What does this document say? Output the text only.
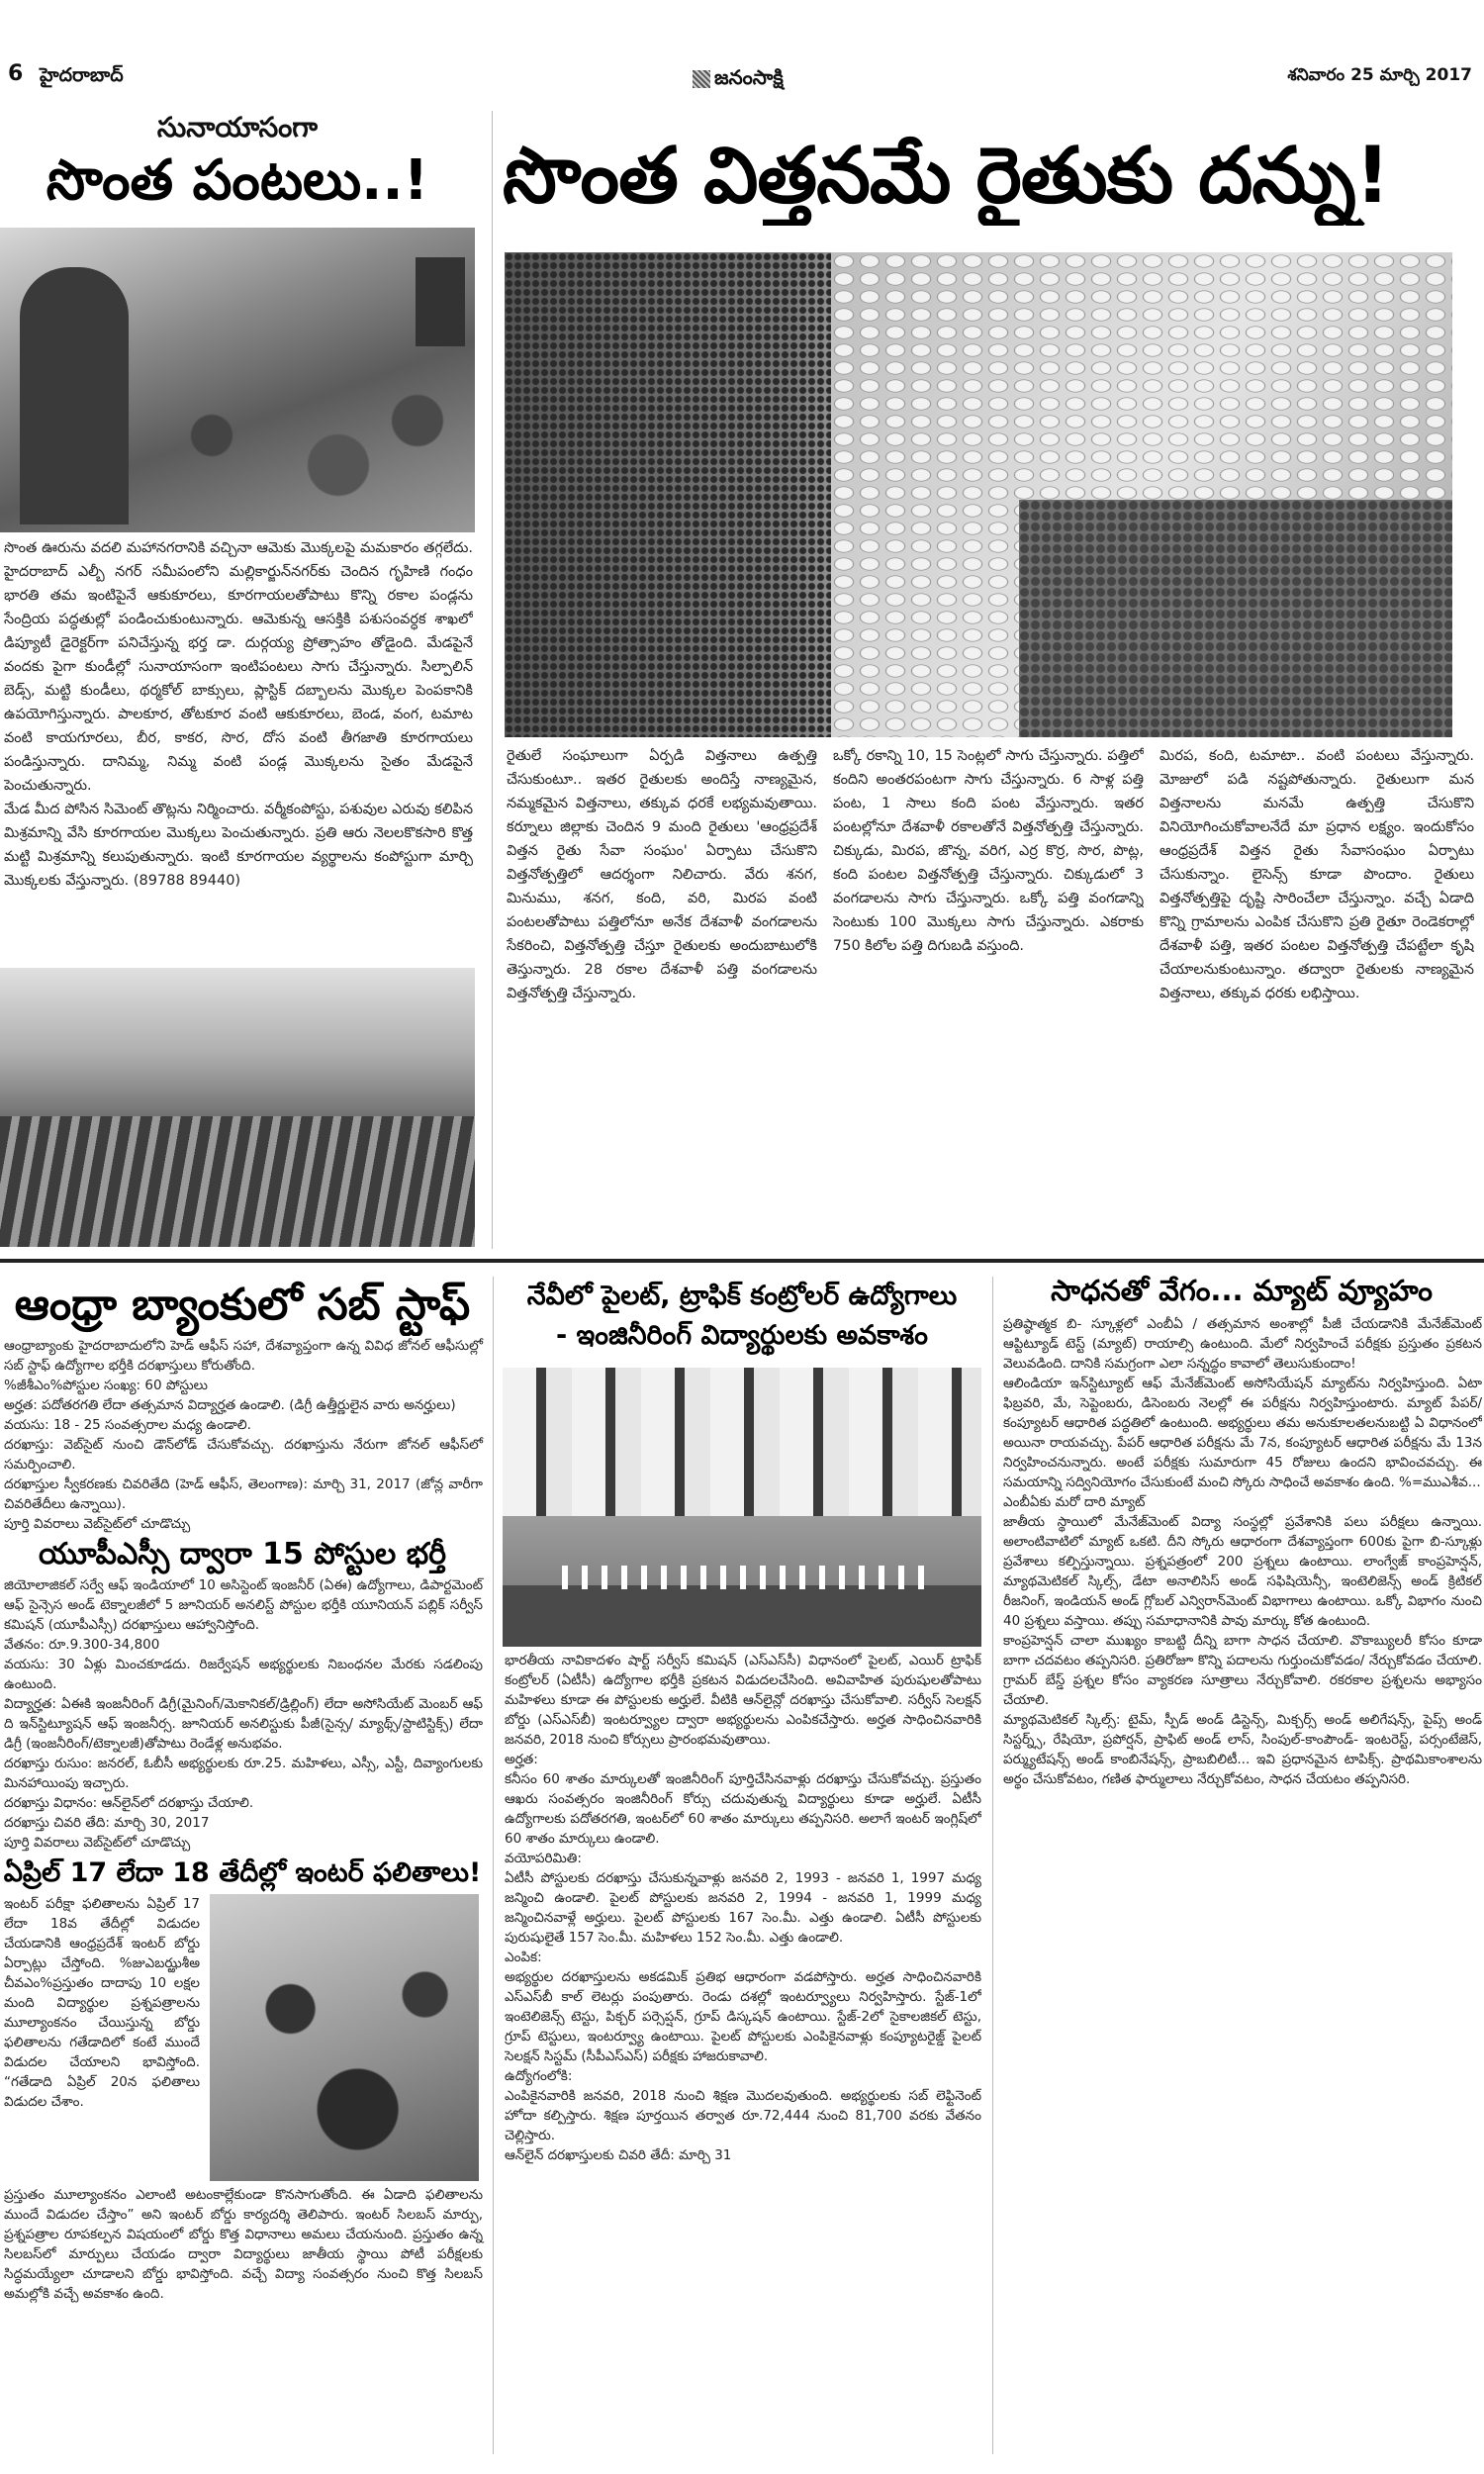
6 హైదరాబాద్	జనంసాక్షి	శనివారం 25 మార్చి 2017
సునాయాసంగా
సొంత పంటలు..!

సొంత ఊరును వదలి మహానగరానికి వచ్చినా ఆమెకు మొక్కలపై మమకారం తగ్గలేదు. హైదరాబాద్ ఎల్బీ నగర్ సమీపంలోని మల్లికార్జున్‌నగర్‌కు చెందిన గృహిణి గంధం భారతి తమ ఇంటిపైనే ఆకుకూరలు, కూరగాయలతోపాటు కొన్ని రకాల పండ్లను సేంద్రియ పద్ధతుల్లో పండించుకుంటున్నారు. ఆమెకున్న ఆసక్తికి పశుసంవర్ధక శాఖలో డిప్యూటీ డైరెక్టర్‌గా పనిచేస్తున్న భర్త డా. దుర్గయ్య ప్రోత్సాహం తోడైంది. మేడపైనే వందకు పైగా కుండీల్లో సునాయాసంగా ఇంటిపంటలు సాగు చేస్తున్నారు. సిల్పాలిన్ బెడ్స్, మట్టి కుండీలు, థర్మకోల్ బాక్సులు, ప్లాస్టిక్ దబ్బాలను మొక్కల పెంపకానికి ఉపయోగిస్తున్నారు. పాలకూర, తోటకూర వంటి ఆకుకూరలు, బెండ, వంగ, టమాట వంటి కాయగూరలు, బీర, కాకర, సొర, దోస వంటి తీగజాతి కూరగాయలు పండిస్తున్నారు. దానిమ్మ, నిమ్మ వంటి పండ్ల మొక్కలను సైతం మేడపైనే పెంచుతున్నారు.

మేడ మీద పోసిన సిమెంట్ తొట్లను నిర్మించారు. వర్మీకంపోస్టు, పశువుల ఎరువు కలిపిన మిశ్రమాన్ని వేసి కూరగాయల మొక్కలు పెంచుతున్నారు. ప్రతి ఆరు నెలలకొకసారి కొత్త మట్టి మిశ్రమాన్ని కలుపుతున్నారు. ఇంటి కూరగాయల వ్యర్థాలను కంపోస్టుగా మార్చి మొక్కలకు వేస్తున్నారు. (89788 89440)

సొంత విత్తనమే రైతుకు దన్ను!
రైతులే సంఘాలుగా ఏర్పడి విత్తనాలు ఉత్పత్తి చేసుకుంటూ.. ఇతర రైతులకు అందిస్తే నాణ్యమైన, నమ్మకమైన విత్తనాలు, తక్కువ ధరకే లభ్యమవుతాయి. కర్నూలు జిల్లాకు చెందిన 9 మంది రైతులు 'ఆంధ్రప్రదేశ్ విత్తన రైతు సేవా సంఘం' ఏర్పాటు చేసుకొని విత్తనోత్పత్తిలో ఆదర్శంగా నిలిచారు. వేరు శనగ, మినుము, శనగ, కంది, వరి, మిరప వంటి పంటలతోపాటు పత్తిలోనూ అనేక దేశవాళీ వంగడాలను సేకరించి, విత్తనోత్పత్తి చేస్తూ రైతులకు అందుబాటులోకి తెస్తున్నారు. 28 రకాల దేశవాళీ పత్తి వంగడాలను విత్తనోత్పత్తి చేస్తున్నారు.
ఒక్కో రకాన్ని 10, 15 సెంట్లలో సాగు చేస్తున్నారు. పత్తిలో కందిని అంతరపంటగా సాగు చేస్తున్నారు. 6 సాళ్ల పత్తి పంట, 1 సాలు కంది పంట వేస్తున్నారు. ఇతర పంటల్లోనూ దేశవాళీ రకాలతోనే విత్తనోత్పత్తి చేస్తున్నారు. చిక్కుడు, మిరప, జొన్న, వరిగ, ఎర్ర కొర్ర, సొర, పొట్ల, కంది పంటల విత్తనోత్పత్తి చేస్తున్నారు. చిక్కుడులో 3 వంగడాలను సాగు చేస్తున్నారు. ఒక్కో పత్తి వంగడాన్ని సెంటుకు 100 మొక్కలు సాగు చేస్తున్నారు. ఎకరాకు 750 కిలోల పత్తి దిగుబడి వస్తుంది.
మిరప, కంది, టమాటా.. వంటి పంటలు వేస్తున్నారు. మోజులో పడి నష్టపోతున్నారు. రైతులుగా మన విత్తనాలను మనమే ఉత్పత్తి చేసుకొని వినియోగించుకోవాలనేదే మా ప్రధాన లక్ష్యం. ఇందుకోసం ఆంధ్రప్రదేశ్ విత్తన రైతు సేవాసంఘం ఏర్పాటు చేసుకున్నాం. లైసెన్స్ కూడా పొందాం. రైతులు విత్తనోత్పత్తిపై దృష్టి సారించేలా చేస్తున్నాం. వచ్చే ఏడాది కొన్ని గ్రామాలను ఎంపిక చేసుకొని ప్రతి రైతూ రెండెకరాల్లో దేశవాళీ పత్తి, ఇతర పంటల విత్తనోత్పత్తి చేపట్టేలా కృషి చేయాలనుకుంటున్నాం. తద్వారా రైతులకు నాణ్యమైన విత్తనాలు, తక్కువ ధరకు లభిస్తాయి.
ఆంధ్రా బ్యాంకులో సబ్ స్టాఫ్

ఆంధ్రాబ్యాంకు హైదరాబాదులోని హెడ్ ఆఫీస్ సహా, దేశవ్యాప్తంగా ఉన్న వివిధ జోనల్ ఆఫీసుల్లో సబ్ స్టాఫ్ ఉద్యోగాల భర్తీకి దరఖాస్తులు కోరుతోంది.

%జీశీఎం%పోస్టుల సంఖ్య: 60 పోస్టులు

అర్హత: పదోతరగతి లేదా తత్సమాన విద్యార్హత ఉండాలి. (డిగ్రీ ఉత్తీర్ణులైన వారు అనర్హులు)

వయసు: 18 - 25 సంవత్సరాల మధ్య ఉండాలి.

దరఖాస్తు: వెబ్‌సైట్ నుంచి డౌన్‌లోడ్ చేసుకోవచ్చు. దరఖాస్తును నేరుగా జోనల్ ఆఫీస్‌లో సమర్పించాలి.

దరఖాస్తుల స్వీకరణకు చివరితేది (హెడ్ ఆఫీస్, తెలంగాణ): మార్చి 31, 2017 (జోన్ల వారీగా చివరితేదీలు ఉన్నాయి).

పూర్తి వివరాలు వెబ్‌సైట్‌లో చూడొచ్చు

యూపీఎస్సీ ద్వారా 15 పోస్టుల భర్తీ

జియోలాజికల్ సర్వే ఆఫ్ ఇండియాలో 10 అసిస్టెంట్ ఇంజనీర్ (ఏఈ) ఉద్యోగాలు, డిపార్టమెంట్ ఆఫ్ సైన్సెస అండ్ టెక్నాలజీలో 5 జూనియర్ అనలిస్ట్ పోస్టుల భర్తీకి యూనియన్ పబ్లిక్ సర్వీస్ కమిషన్ (యూపీఎస్సీ) దరఖాస్తులు ఆహ్వానిస్తోంది.

వేతనం: రూ.9.300-34,800

వయసు: 30 ఏళ్లు మించకూడదు. రిజర్వేషన్ అభ్యర్థులకు నిబంధనల మేరకు సడలింపు ఉంటుంది.

విద్యార్హత: ఏఈకి ఇంజనీరింగ్ డిగ్రీ(మైనింగ్/మెకానికల్/డ్రిల్లింగ్) లేదా అసోసియేట్ మెంబర్ ఆఫ్ ది ఇన్‌స్టిట్యూషన్ ఆఫ్ ఇంజనీర్స. జూనియర్ అనలిస్టుకు పీజీ(సైన్స/ మ్యాథ్స్/స్టాటిస్టిక్స్) లేదా డిగ్రీ (ఇంజనీరింగ్/టెక్నాలజీ)తోపాటు రెండేళ్ల అనుభవం.

దరఖాస్తు రుసుం: జనరల్, ఓబీసీ అభ్యర్థులకు రూ.25. మహిళలు, ఎస్సీ, ఎస్టీ, దివ్యాంగులకు మినహాయింపు ఇచ్చారు.

దరఖాస్తు విధానం: ఆన్‌లైన్‌లో దరఖాస్తు చేయాలి.

దరఖాస్తు చివరి తేది: మార్చి 30, 2017

పూర్తి వివరాలు వెబ్‌సైట్‌లో చూడొచ్చు

ఏప్రిల్ 17 లేదా 18 తేదీల్లో ఇంటర్ ఫలితాలు!
ఇంటర్ పరీక్షా ఫలితాలను ఏప్రిల్ 17 లేదా 18వ తేదీల్లో విడుదల చేయడానికి ఆంధ్రప్రదేశ్ ఇంటర్ బోర్డు ఏర్పాట్లు చేస్తోంది. %జుఎబఝ్ఱశీఅ చీవఎం%ప్రస్తుతం దాదాపు 10 లక్షల మంది విద్యార్థుల ప్రశ్నపత్రాలను మూల్యాంకనం చేయిస్తున్న బోర్డు ఫలితాలను గతేడాదిలో కంటే ముందే విడుదల చేయాలని భావిస్తోంది. “గతేడాది ఏప్రిల్ 20న ఫలితాలు విడుదల చేశాం.
ప్రస్తుతం మూల్యాంకనం ఎలాంటి అటంకాల్లేకుండా కొనసాగుతోంది. ఈ ఏడాది ఫలితాలను ముందే విడుదల చేస్తాం” అని ఇంటర్ బోర్డు కార్యదర్శి తెలిపారు. ఇంటర్ సిలబస్ మార్పు, ప్రశ్నపత్రాల రూపకల్పన విషయంలో బోర్డు కొత్త విధానాలు అమలు చేయనుంది. ప్రస్తుతం ఉన్న సిలబస్‌లో మార్పులు చేయడం ద్వారా విద్యార్థులు జాతీయ స్థాయి పోటీ పరీక్షలకు సిద్ధమయ్యేలా చూడాలని బోర్డు భావిస్తోంది. వచ్చే విద్యా సంవత్సరం నుంచి కొత్త సిలబస్ అమల్లోకి వచ్చే అవకాశం ఉంది.
నేవీలో పైలట్, ట్రాఫిక్ కంట్రోలర్ ఉద్యోగాలు
- ఇంజినీరింగ్ విద్యార్థులకు అవకాశం

భారతీయ నావికాదళం షార్ట్ సర్వీస్ కమిషన్ (ఎస్ఎస్‌సీ) విధానంలో పైలట్, ఎయిర్ ట్రాఫిక్ కంట్రోలర్ (ఏటీసీ) ఉద్యోగాల భర్తీకి ప్రకటన విడుదలచేసింది. అవివాహిత పురుషులతోపాటు మహిళలు కూడా ఈ పోస్టులకు అర్హులే. వీటికి ఆన్‌లైన్లో దరఖాస్తు చేసుకోవాలి. సర్వీస్ సెలక్షన్ బోర్డు (ఎస్ఎస్‌బీ) ఇంటర్వ్యూల ద్వారా అభ్యర్థులను ఎంపికచేస్తారు. అర్హత సాధించినవారికి జనవరి, 2018 నుంచి కోర్సులు ప్రారంభమవుతాయి.

అర్హత:

కనీసం 60 శాతం మార్కులతో ఇంజినీరింగ్ పూర్తిచేసినవాళ్లు దరఖాస్తు చేసుకోవచ్చు. ప్రస్తుతం ఆఖరు సంవత్సరం ఇంజినీరింగ్ కోర్సు చదువుతున్న విద్యార్థులు కూడా అర్హులే. ఏటీసీ ఉద్యోగాలకు పదోతరగతి, ఇంటర్‌లో 60 శాతం మార్కులు తప్పనిసరి. అలాగే ఇంటర్ ఇంగ్లిష్‌లో 60 శాతం మార్కులు ఉండాలి.

వయోపరిమితి:

ఏటీసీ పోస్టులకు దరఖాస్తు చేసుకున్నవాళ్లు జనవరి 2, 1993 - జనవరి 1, 1997 మధ్య జన్మించి ఉండాలి. పైలట్ పోస్టులకు జనవరి 2, 1994 - జనవరి 1, 1999 మధ్య జన్మించినవాళ్లే అర్హులు. పైలట్ పోస్టులకు 167 సెం.మీ. ఎత్తు ఉండాలి. ఏటీసీ పోస్టులకు పురుషులైతే 157 సెం.మీ. మహిళలు 152 సెం.మీ. ఎత్తు ఉండాలి.

ఎంపిక:

అభ్యర్థుల దరఖాస్తులను అకడమిక్ ప్రతిభ ఆధారంగా వడపోస్తారు. అర్హత సాధించినవారికి ఎస్ఎస్‌బీ కాల్ లెటర్లు పంపుతారు. రెండు దశల్లో ఇంటర్వ్యూలు నిర్వహిస్తారు. స్టేజ్-1లో ఇంటెలిజెన్స్ టెస్టు, పిక్చర్ పర్సెప్షన్, గ్రూప్ డిస్కషన్ ఉంటాయి. స్టేజ్-2లో సైకాలజికల్ టెస్టు, గ్రూప్ టెస్టులు, ఇంటర్వ్యూ ఉంటాయి. పైలట్ పోస్టులకు ఎంపికైనవాళ్లు కంప్యూటరైజ్డ్ పైలట్ సెలక్షన్ సిస్టమ్ (సీపీఎస్ఎస్) పరీక్షకు హాజరుకావాలి.

ఉద్యోగంలోకి:

ఎంపికైనవారికి జనవరి, 2018 నుంచి శిక్షణ మొదలవుతుంది. అభ్యర్థులకు సబ్ లెఫ్టినెంట్ హోదా కల్పిస్తారు. శిక్షణ పూర్తయిన తర్వాత రూ.72,444 నుంచి 81,700 వరకు వేతనం చెల్లిస్తారు.

ఆన్‌లైన్ దరఖాస్తులకు చివరి తేదీ: మార్చి 31

సాధనతో వేగం... మ్యాట్ వ్యూహం

ప్రతిష్ఠాత్మక బి- స్కూళ్లలో ఎంబీఏ / తత్సమాన అంశాల్లో పీజీ చేయడానికి మేనేజ్‌మెంట్ ఆప్టిట్యూడ్ టెస్ట్ (మ్యాట్) రాయాల్సి ఉంటుంది. మేలో నిర్వహించే పరీక్షకు ప్రస్తుతం ప్రకటన వెలువడింది. దానికి సమగ్రంగా ఎలా సన్నద్ధం కావాలో తెలుసుకుందాం!

ఆలిండియా ఇన్‌స్టిట్యూట్ ఆఫ్ మేనేజ్‌మెంట్ అసోసియేషన్ మ్యాట్‌ను నిర్వహిస్తుంది. ఏటా ఫిబ్రవరి, మే, సెప్టెంబరు, డిసెంబరు నెలల్లో ఈ పరీక్షను నిర్వహిస్తుంటారు. మ్యాట్ పేపర్/ కంప్యూటర్ ఆధారిత పద్ధతిలో ఉంటుంది. అభ్యర్థులు తమ అనుకూలతలనుబట్టి ఏ విధానంలో అయినా రాయవచ్చు. పేపర్ ఆధారిత పరీక్షను మే 7న, కంప్యూటర్ ఆధారిత పరీక్షను మే 13న నిర్వహించనున్నారు. అంటే పరీక్షకు సుమారుగా 45 రోజులు ఉందని భావించవచ్చు. ఈ సమయాన్ని సద్వినియోగం చేసుకుంటే మంచి స్కోరు సాధించే అవకాశం ఉంది. %=ముఎశీవ...

ఎంబీఏకు మరో దారి మ్యాట్

జాతీయ స్థాయిలో మేనేజ్‌మెంట్ విద్యా సంస్థల్లో ప్రవేశానికి పలు పరీక్షలు ఉన్నాయి. అలాంటివాటిలో మ్యాట్ ఒకటి. దీని స్కోరు ఆధారంగా దేశవ్యాప్తంగా 600కు పైగా బి-స్కూళ్లు ప్రవేశాలు కల్పిస్తున్నాయి. ప్రశ్నపత్రంలో 200 ప్రశ్నలు ఉంటాయి. లాంగ్వేజ్ కాంప్రహెన్షన్, మ్యాథమెటికల్ స్కిల్స్, డేటా అనాలిసిస్ అండ్ సఫిషియెన్సీ, ఇంటెలిజెన్స్ అండ్ క్రిటికల్ రీజనింగ్, ఇండియన్ అండ్ గ్లోబల్ ఎన్విరాన్‌మెంట్ విభాగాలు ఉంటాయి. ఒక్కో విభాగం నుంచి 40 ప్రశ్నలు వస్తాయి. తప్పు సమాధానానికి పావు మార్కు కోత ఉంటుంది.

కాంప్రహెన్షన్ చాలా ముఖ్యం కాబట్టి దీన్ని బాగా సాధన చేయాలి. వొకాబ్యులరీ కోసం కూడా బాగా చదవటం తప్పనిసరి. ప్రతిరోజూ కొన్ని పదాలను గుర్తుంచుకోవడం/ నేర్చుకోవడం చేయాలి. గ్రామర్ బేస్డ్ ప్రశ్నల కోసం వ్యాకరణ సూత్రాలు నేర్చుకోవాలి. రకరకాల ప్రశ్నలను అభ్యాసం చేయాలి.

మ్యాథమెటికల్ స్కిల్స్: టైమ్, స్పీడ్ అండ్ డిస్టెన్స్, మిక్చర్స్ అండ్ అలిగేషన్స్, పైప్స్ అండ్ సిస్టర్న్స్, రేషియో, ప్రపోర్షన్, ప్రాఫిట్ అండ్ లాస్, సింపుల్-కాంపౌండ్- ఇంటరెస్ట్, పర్సంటేజెస్, పర్మ్యుటేషన్స్ అండ్ కాంబినేషన్స్, ప్రాబబిలిటీ... ఇవి ప్రధానమైన టాపిక్స్. ప్రాథమికాంశాలను అర్థం చేసుకోవటం, గణిత ఫార్ములాలు నేర్చుకోవటం, సాధన చేయటం తప్పనిసరి.
